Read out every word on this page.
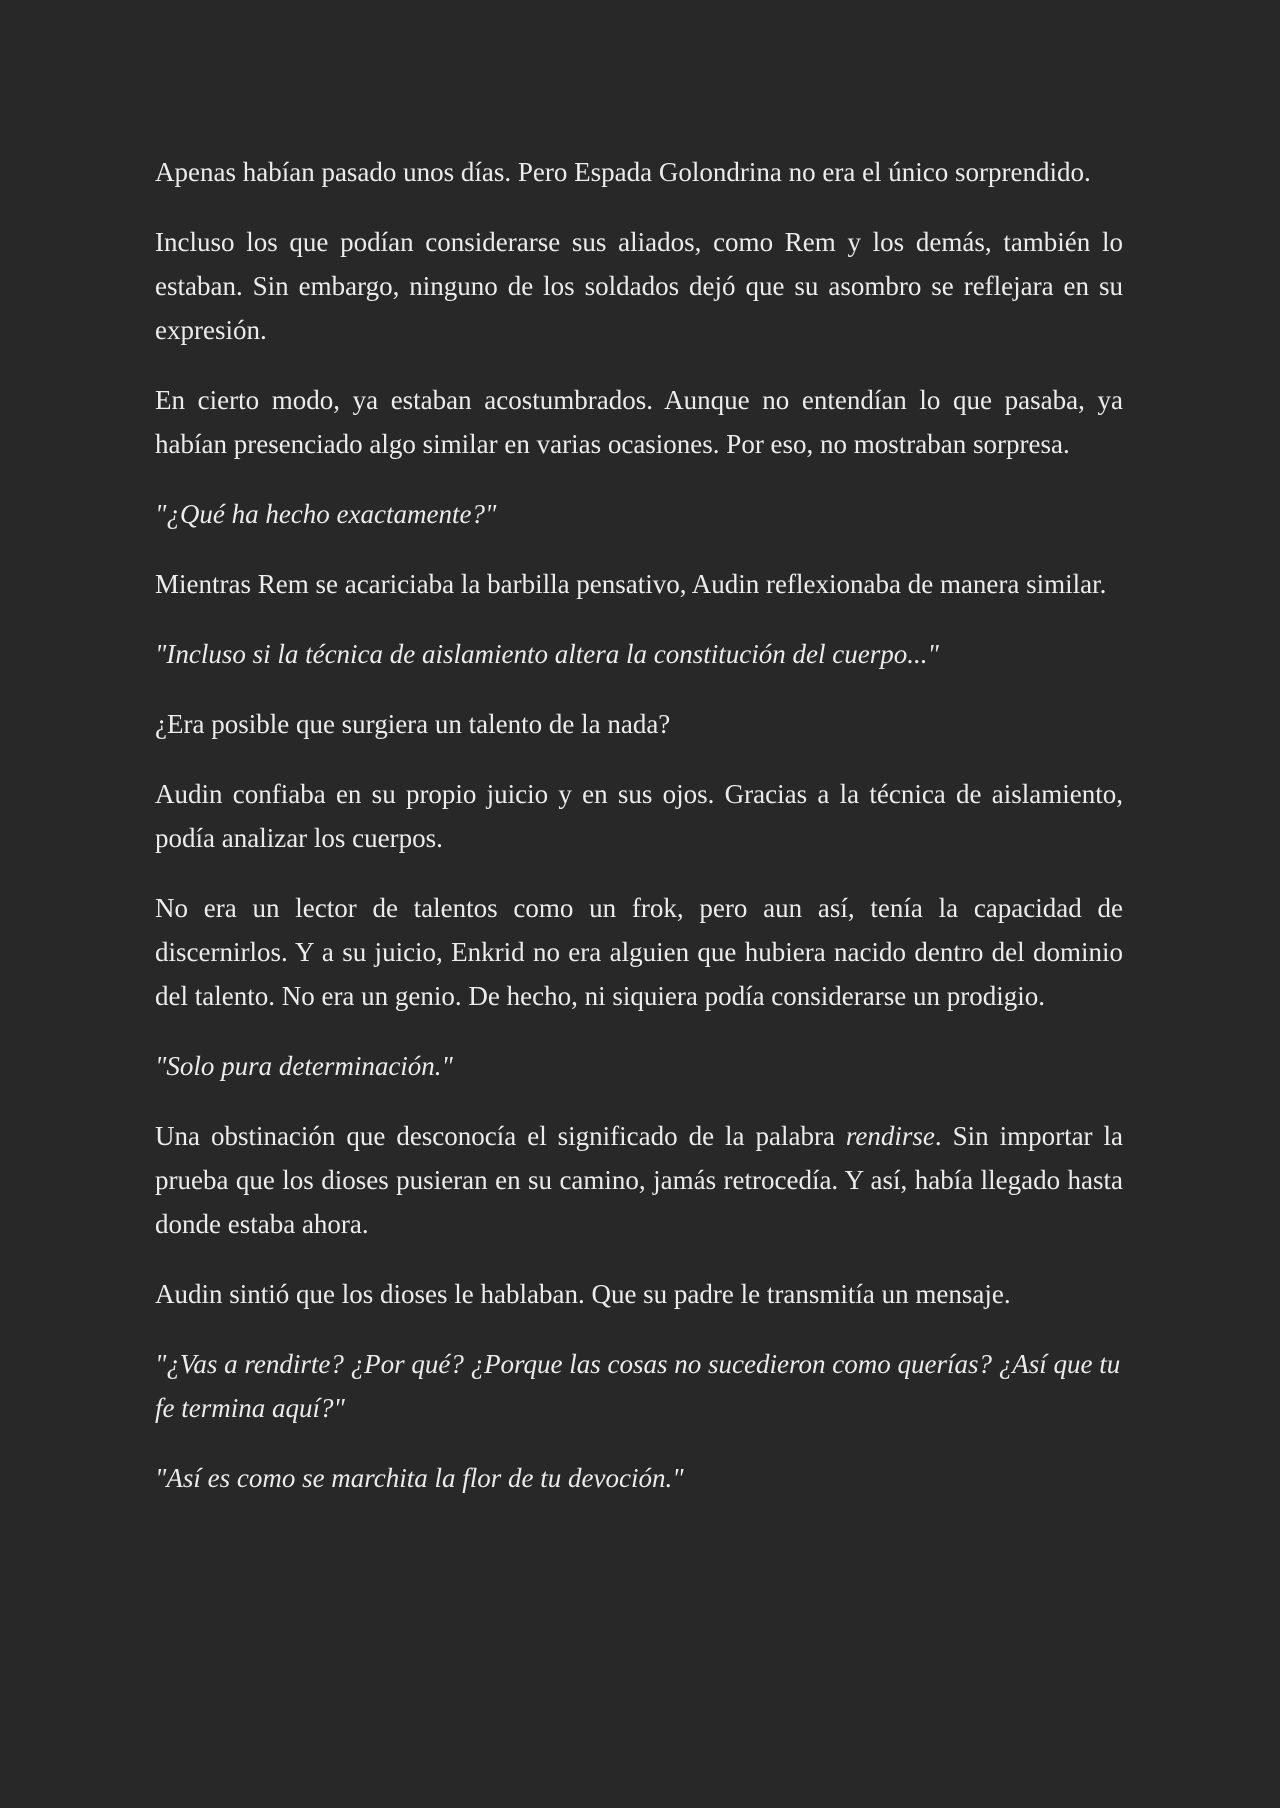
Apenas habían pasado unos días. Pero Espada Golondrina no era el único sorprendido.

Incluso los que podían considerarse sus aliados, como Rem y los demás, también lo estaban. Sin embargo, ninguno de los soldados dejó que su asombro se reflejara en su expresión.

En cierto modo, ya estaban acostumbrados. Aunque no entendían lo que pasaba, ya habían presenciado algo similar en varias ocasiones. Por eso, no mostraban sorpresa.

"¿Qué ha hecho exactamente?"

Mientras Rem se acariciaba la barbilla pensativo, Audin reflexionaba de manera similar.

"Incluso si la técnica de aislamiento altera la constitución del cuerpo..."

¿Era posible que surgiera un talento de la nada?

Audin confiaba en su propio juicio y en sus ojos. Gracias a la técnica de aislamiento, podía analizar los cuerpos.

No era un lector de talentos como un frok, pero aun así, tenía la capacidad de discernirlos. Y a su juicio, Enkrid no era alguien que hubiera nacido dentro del dominio del talento. No era un genio. De hecho, ni siquiera podía considerarse un prodigio.

"Solo pura determinación."

Una obstinación que desconocía el significado de la palabra rendirse. Sin importar la prueba que los dioses pusieran en su camino, jamás retrocedía. Y así, había llegado hasta donde estaba ahora.

Audin sintió que los dioses le hablaban. Que su padre le transmitía un mensaje.

"¿Vas a rendirte? ¿Por qué? ¿Porque las cosas no sucedieron como querías? ¿Así que tu fe termina aquí?"

"Así es como se marchita la flor de tu devoción."
